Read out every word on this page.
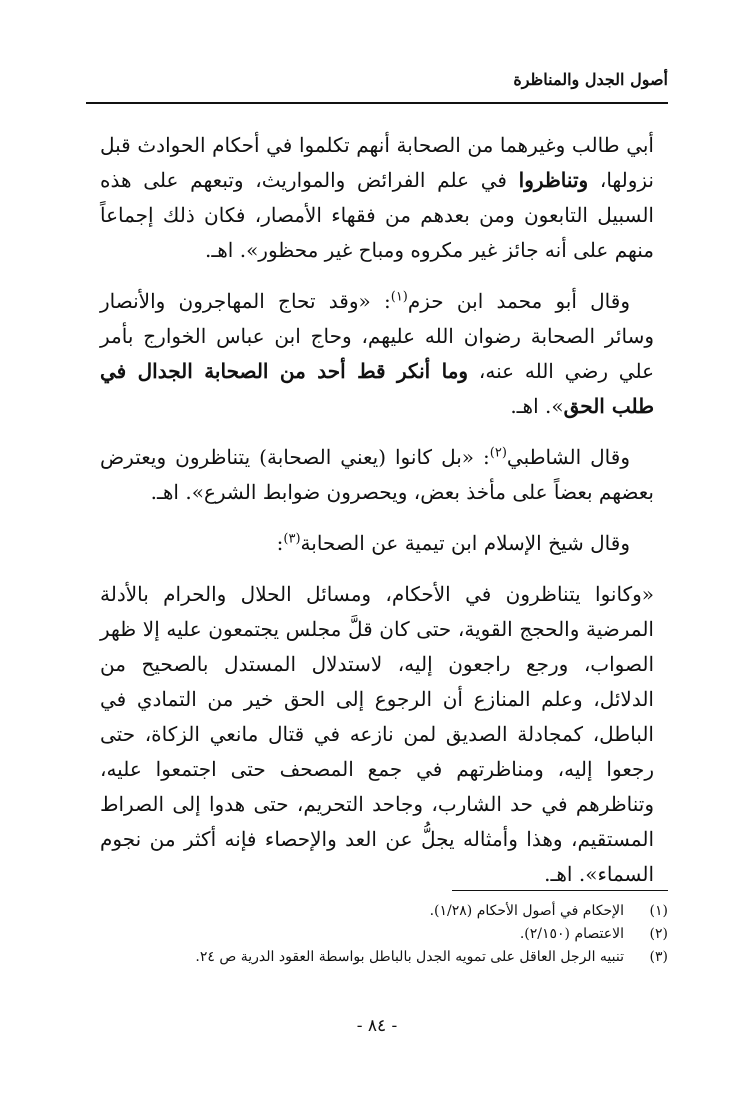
أصول الجدل والمناظرة

أبي طالب وغيرهما من الصحابة أنهم تكلموا في أحكام الحوادث قبل نزولها، وتناظروا في علم الفرائض والمواريث، وتبعهم على هذه السبيل التابعون ومن بعدهم من فقهاء الأمصار، فكان ذلك إجماعاً منهم على أنه جائز غير مكروه ومباح غير محظور». اهـ.

وقال أبو محمد ابن حزم$^{(١)}$: «وقد تحاج المهاجرون والأنصار وسائر الصحابة رضوان الله عليهم، وحاج ابن عباس الخوارج بأمر علي رضي الله عنه، وما أنكر قط أحد من الصحابة الجدال في طلب الحق». اهـ.

وقال الشاطبي$^{(٢)}$: «بل كانوا (يعني الصحابة) يتناظرون ويعترض بعضهم بعضاً على مأخذ بعض، ويحصرون ضوابط الشرع». اهـ.

وقال شيخ الإسلام ابن تيمية عن الصحابة$^{(٣)}$:

«وكانوا يتناظرون في الأحكام، ومسائل الحلال والحرام بالأدلة المرضية والحجج القوية، حتى كان قلَّ مجلس يجتمعون عليه إلا ظهر الصواب، ورجع راجعون إليه، لاستدلال المستدل بالصحيح من الدلائل، وعلم المنازع أن الرجوع إلى الحق خير من التمادي في الباطل، كمجادلة الصديق لمن نازعه في قتال مانعي الزكاة، حتى رجعوا إليه، ومناظرتهم في جمع المصحف حتى اجتمعوا عليه، وتناظرهم في حد الشارب، وجاحد التحريم، حتى هدوا إلى الصراط المستقيم، وهذا وأمثاله يجلُّ عن العد والإحصاء فإنه أكثر من نجوم السماء». اهـ.

(١)
الإحكام في أصول الأحكام (١/٢٨).
(٢)
الاعتصام (٢/١٥٠).
(٣)
تنبيه الرجل العاقل على تمويه الجدل بالباطل بواسطة العقود الدرية ص ٢٤.
- ٨٤ -
